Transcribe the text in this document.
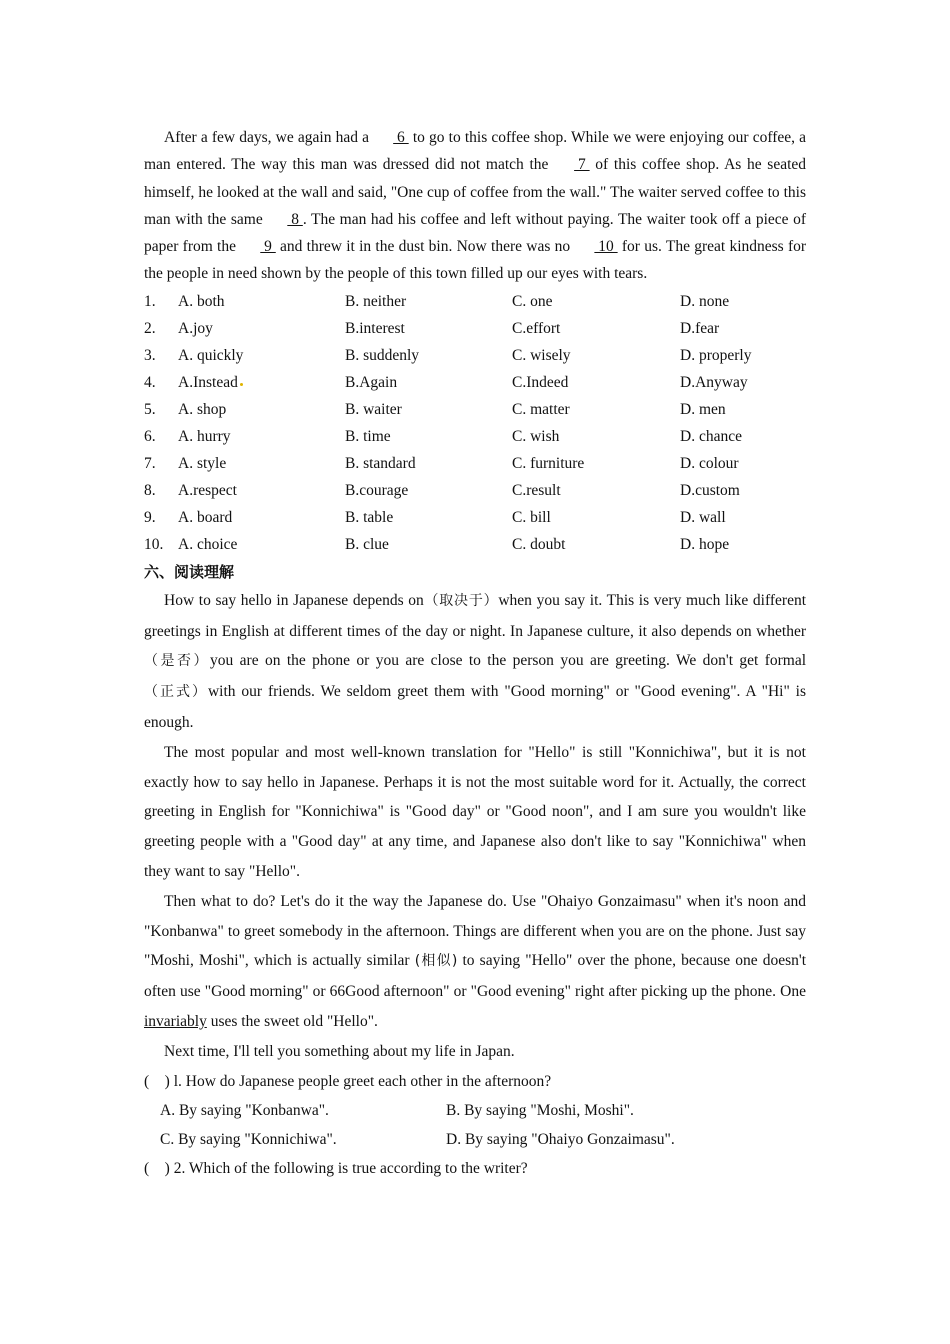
After a few days, we again had a  6  to go to this coffee shop. While we were enjoying our coffee, a man entered. The way this man was dressed did not match the  7  of this coffee shop. As he seated himself, he looked at the wall and said, "One cup of coffee from the wall." The waiter served coffee to this man with the same  8 . The man had his coffee and left without paying. The waiter took off a piece of paper from the  9  and threw it in the dust bin. Now there was no  10  for us. The great kindness for the people in need shown by the people of this town filled up our eyes with tears.

1.	A. both	B. neither	C. one	D. none
2.	A.joy	B.interest	C.effort	D.fear
3.	A. quickly	B. suddenly	C. wisely	D. properly
4.	A.Instead	B.Again	C.Indeed	D.Anyway
5.	A. shop	B. waiter	C. matter	D. men
6.	A. hurry	B. time	C. wish	D. chance
7.	A. style	B. standard	C. furniture	D. colour
8.	A.respect	B.courage	C.result	D.custom
9.	A. board	B. table	C. bill	D. wall
10. A. choice	B. clue	C. doubt	D. hope
六、阅读理解

How to say hello in Japanese depends on（取决于）when you say it. This is very much like different greetings in English at different times of the day or night. In Japanese culture, it also depends on whether（是否）you are on the phone or you are close to the person you are greeting. We don't get formal（正式）with our friends. We seldom greet them with "Good morning" or "Good evening". A "Hi" is enough.

The most popular and most well-known translation for "Hello" is still "Konnichiwa", but it is not exactly how to say hello in Japanese. Perhaps it is not the most suitable word for it. Actually, the correct greeting in English for "Konnichiwa" is "Good day" or "Good noon", and I am sure you wouldn't like greeting people with a "Good day" at any time, and Japanese also don't like to say "Konnichiwa" when they want to say "Hello".

Then what to do? Let's do it the way the Japanese do. Use "Ohaiyo Gonzaimasu" when it's noon and "Konbanwa" to greet somebody in the afternoon. Things are different when you are on the phone. Just say "Moshi, Moshi", which is actually similar (相似) to saying "Hello" over the phone, because one doesn't often use "Good morning" or 66Good afternoon" or "Good evening" right after picking up the phone. One invariably uses the sweet old "Hello".

Next time, I'll tell you something about my life in Japan.

(    ) l. How do Japanese people greet each other in the afternoon?

A. By saying "Konbanwa".	B. By saying "Moshi, Moshi".
C. By saying "Konnichiwa".	D. By saying "Ohaiyo Gonzaimasu".

(    ) 2. Which of the following is true according to the writer?
